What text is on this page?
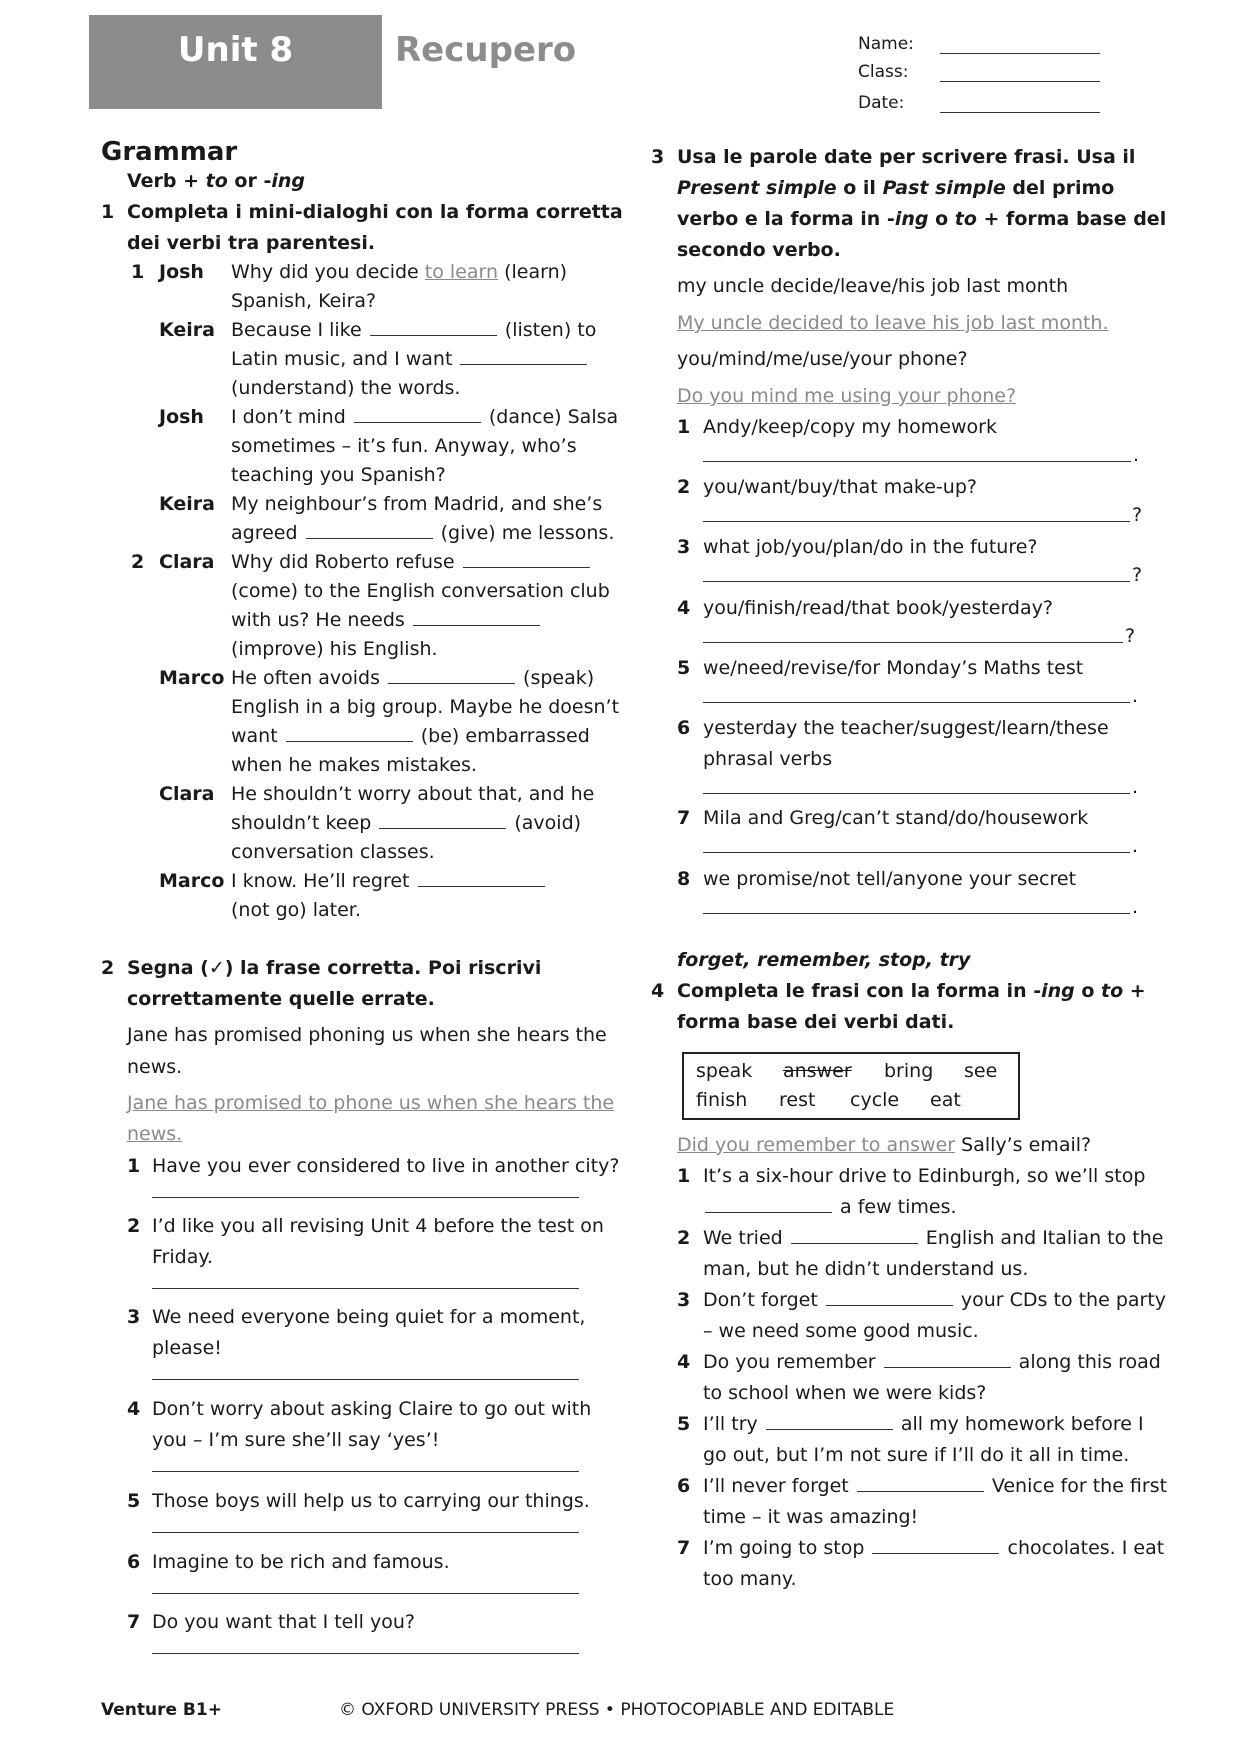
Unit 8	Recupero	Name:
Class:
Date:
Grammar
Verb + to or -ing
1 Completa i mini-dialoghi con la forma corretta
dei verbi tra parentesi.
1 Josh Why did you decide to learn (learn)
Spanish, Keira?
Keira Because I like	(listen) to
Latin music, and I want
(understand) the words.
Josh I don’t mind	(dance) Salsa
sometimes – it’s fun. Anyway, who’s
teaching you Spanish?
Keira My neighbour’s from Madrid, and she’s
agreed	(give) me lessons.
2 Clara Why did Roberto refuse
(come) to the English conversation club
with us? He needs
(improve) his English.
Marco He often avoids	(speak)
English in a big group. Maybe he doesn’t
want	(be) embarrassed
when he makes mistakes.
Clara He shouldn’t worry about that, and he
shouldn’t keep	(avoid)
conversation classes.
Marco I know. He’ll regret
(not go) later.
2 Segna (✓) la frase corretta. Poi riscrivi
correttamente quelle errate.
Jane has promised phoning us when she hears the
news.
Jane has promised to phone us when she hears the
news.
1 Have you ever considered to live in another city?
2 I’d like you all revising Unit 4 before the test on
Friday.
3 We need everyone being quiet for a moment,
please!
4 Don’t worry about asking Claire to go out with
you – I’m sure she’ll say ‘yes’!
5 Those boys will help us to carrying our things.
6 Imagine to be rich and famous.
7 Do you want that I tell you?
3 Usa le parole date per scrivere frasi. Usa il
Present simple o il Past simple del primo
verbo e la forma in -ing o to + forma base del
secondo verbo.
my uncle decide/leave/his job last month
My uncle decided to leave his job last month.
you/mind/me/use/your phone?
Do you mind me using your phone?
1 Andy/keep/copy my homework
.
2 you/want/buy/that make-up?
?
3 what job/you/plan/do in the future?
?
4 you/finish/read/that book/yesterday?
?
5 we/need/revise/for Monday’s Maths test
.
6 yesterday the teacher/suggest/learn/these
phrasal verbs
.
7 Mila and Greg/can’t stand/do/housework
.
8 we promise/not tell/anyone your secret
.
forget, remember, stop, try
4 Completa le frasi con la forma in -ing o to +
forma base dei verbi dati.
speak answer bring see
finish rest cycle eat
Did you remember to answer Sally’s email?
1 It’s a six-hour drive to Edinburgh, so we’ll stop
a few times.
2 We tried	English and Italian to the
man, but he didn’t understand us.
3 Don’t forget	your CDs to the party
– we need some good music.
4 Do you remember	along this road
to school when we were kids?
5 I’ll try	all my homework before I
go out, but I’m not sure if I’ll do it all in time.
6 I’ll never forget	Venice for the first
time – it was amazing!
7 I’m going to stop	chocolates. I eat
too many.
Venture B1+	© OXFORD UNIVERSITY PRESS • PHOTOCOPIABLE AND EDITABLE
